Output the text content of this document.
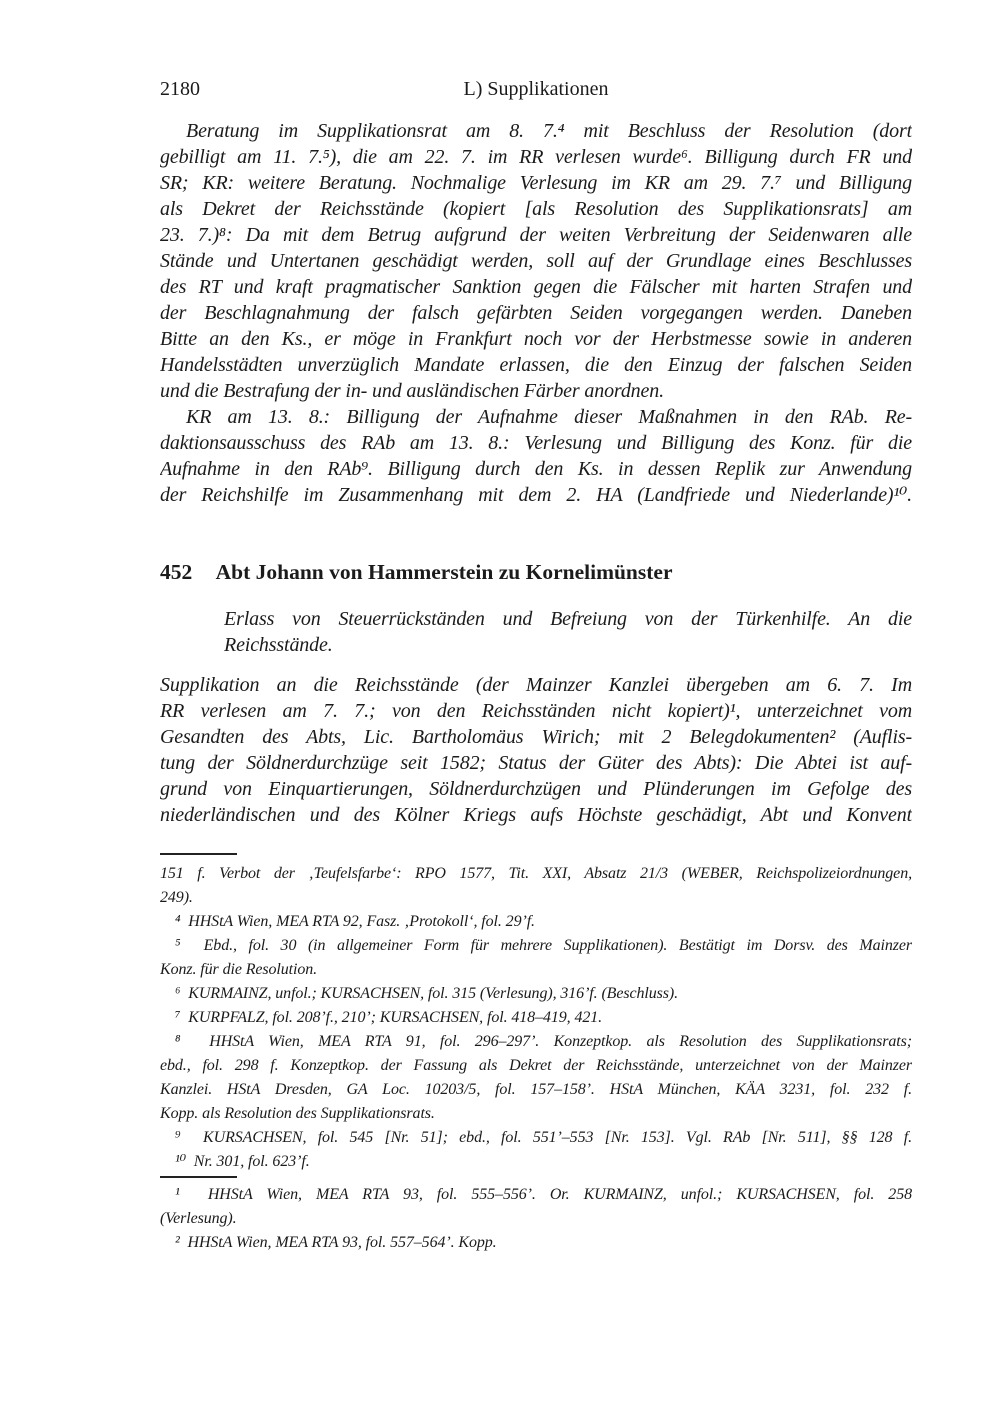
2180	L) Supplikationen
Beratung im Supplikationsrat am 8. 7.⁴ mit Beschluss der Resolution (dort
gebilligt am 11. 7.⁵), die am 22. 7. im RR verlesen wurde⁶. Billigung durch FR und
SR; KR: weitere Beratung. Nochmalige Verlesung im KR am 29. 7.⁷ und Billigung
als Dekret der Reichsstände (kopiert [als Resolution des Supplikationsrats] am
23. 7.)⁸: Da mit dem Betrug aufgrund der weiten Verbreitung der Seidenwaren alle
Stände und Untertanen geschädigt werden, soll auf der Grundlage eines Beschlusses
des RT und kraft pragmatischer Sanktion gegen die Fälscher mit harten Strafen und
der Beschlagnahmung der falsch gefärbten Seiden vorgegangen werden. Daneben
Bitte an den Ks., er möge in Frankfurt noch vor der Herbstmesse sowie in anderen
Handelsstädten unverzüglich Mandate erlassen, die den Einzug der falschen Seiden
und die Bestrafung der in- und ausländischen Färber anordnen.
KR am 13. 8.: Billigung der Aufnahme dieser Maßnahmen in den RAb. Re-
daktionsausschuss des RAb am 13. 8.: Verlesung und Billigung des Konz. für die
Aufnahme in den RAb⁹. Billigung durch den Ks. in dessen Replik zur Anwendung
der Reichshilfe im Zusammenhang mit dem 2. HA (Landfriede und Niederlande)¹⁰.
452 Abt Johann von Hammerstein zu Kornelimünster
Erlass von Steuerrückständen und Befreiung von der Türkenhilfe. An die
Reichsstände.
Supplikation an die Reichsstände (der Mainzer Kanzlei übergeben am 6. 7. Im
RR verlesen am 7. 7.; von den Reichsständen nicht kopiert)¹, unterzeichnet vom
Gesandten des Abts, Lic. Bartholomäus Wirich; mit 2 Belegdokumenten² (Auflis-
tung der Söldnerdurchzüge seit 1582; Status der Güter des Abts): Die Abtei ist auf-
grund von Einquartierungen, Söldnerdurchzügen und Plünderungen im Gefolge des
niederländischen und des Kölner Kriegs aufs Höchste geschädigt, Abt und Konvent
151 f. Verbot der ‚Teufelsfarbe‘: RPO 1577, Tit. XXI, Absatz 21/3 (WEBER, Reichspolizeiordnungen,
249).
⁴  HHStA Wien, MEA RTA 92, Fasz. ‚Protokoll‘, fol. 29’f.
⁵  Ebd., fol. 30 (in allgemeiner Form für mehrere Supplikationen). Bestätigt im Dorsv. des Mainzer
Konz. für die Resolution.
⁶  KURMAINZ, unfol.; KURSACHSEN, fol. 315 (Verlesung), 316’f. (Beschluss).
⁷  KURPFALZ, fol. 208’f., 210’; KURSACHSEN, fol. 418–419, 421.
⁸  HHStA Wien, MEA RTA 91, fol. 296–297’. Konzeptkop. als Resolution des Supplikationsrats;
ebd., fol. 298 f. Konzeptkop. der Fassung als Dekret der Reichsstände, unterzeichnet von der Mainzer
Kanzlei. HStA Dresden, GA Loc. 10203/5, fol. 157–158’. HStA München, KÄA 3231, fol. 232 f.
Kopp. als Resolution des Supplikationsrats.
⁹  KURSACHSEN, fol. 545 [Nr. 51]; ebd., fol. 551’–553 [Nr. 153]. Vgl. RAb [Nr. 511], §§ 128 f.
¹⁰  Nr. 301, fol. 623’f.
¹  HHStA Wien, MEA RTA 93, fol. 555–556’. Or. KURMAINZ, unfol.; KURSACHSEN, fol. 258
(Verlesung).
²  HHStA Wien, MEA RTA 93, fol. 557–564’. Kopp.
